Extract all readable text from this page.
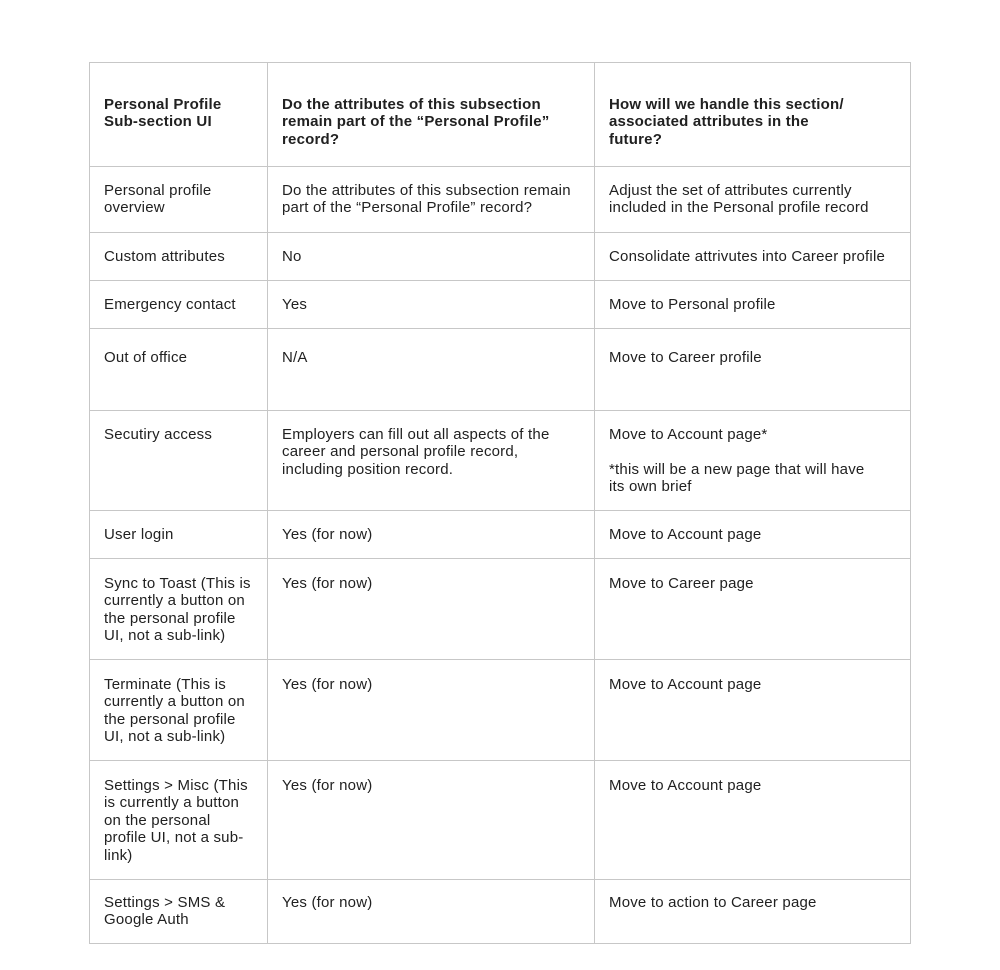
Personal Profile Sub-section UI	Do the attributes of this subsection remain part of the “Personal Profile” record?	How will we handle this section/ associated attributes in the future?

Personal profile overview	Do the attributes of this subsection remain part of the “Personal Profile” record?	Adjust the set of attributes currently included in the Personal profile record

Custom attributes	No	Consolidate attrivutes into Career profile

Emergency contact	Yes	Move to Personal profile

Out of office	N/A	Move to Career profile

Secutiry access	Employers can fill out all aspects of the career and personal profile record, including position record.	Move to Account page*

*this will be a new page that will have its own brief

User login	Yes (for now)	Move to Account page

Sync to Toast (This is currently a button on the personal profile UI, not a sub-link)	Yes (for now)	Move to Career page

Terminate (This is currently a button on the personal profile UI, not a sub-link)	Yes (for now)	Move to Account page

Settings > Misc (This is currently a button on the personal profile UI, not a sub-link)	Yes (for now)	Move to Account page

Settings > SMS & Google Auth	Yes (for now)	Move to action to Career page
